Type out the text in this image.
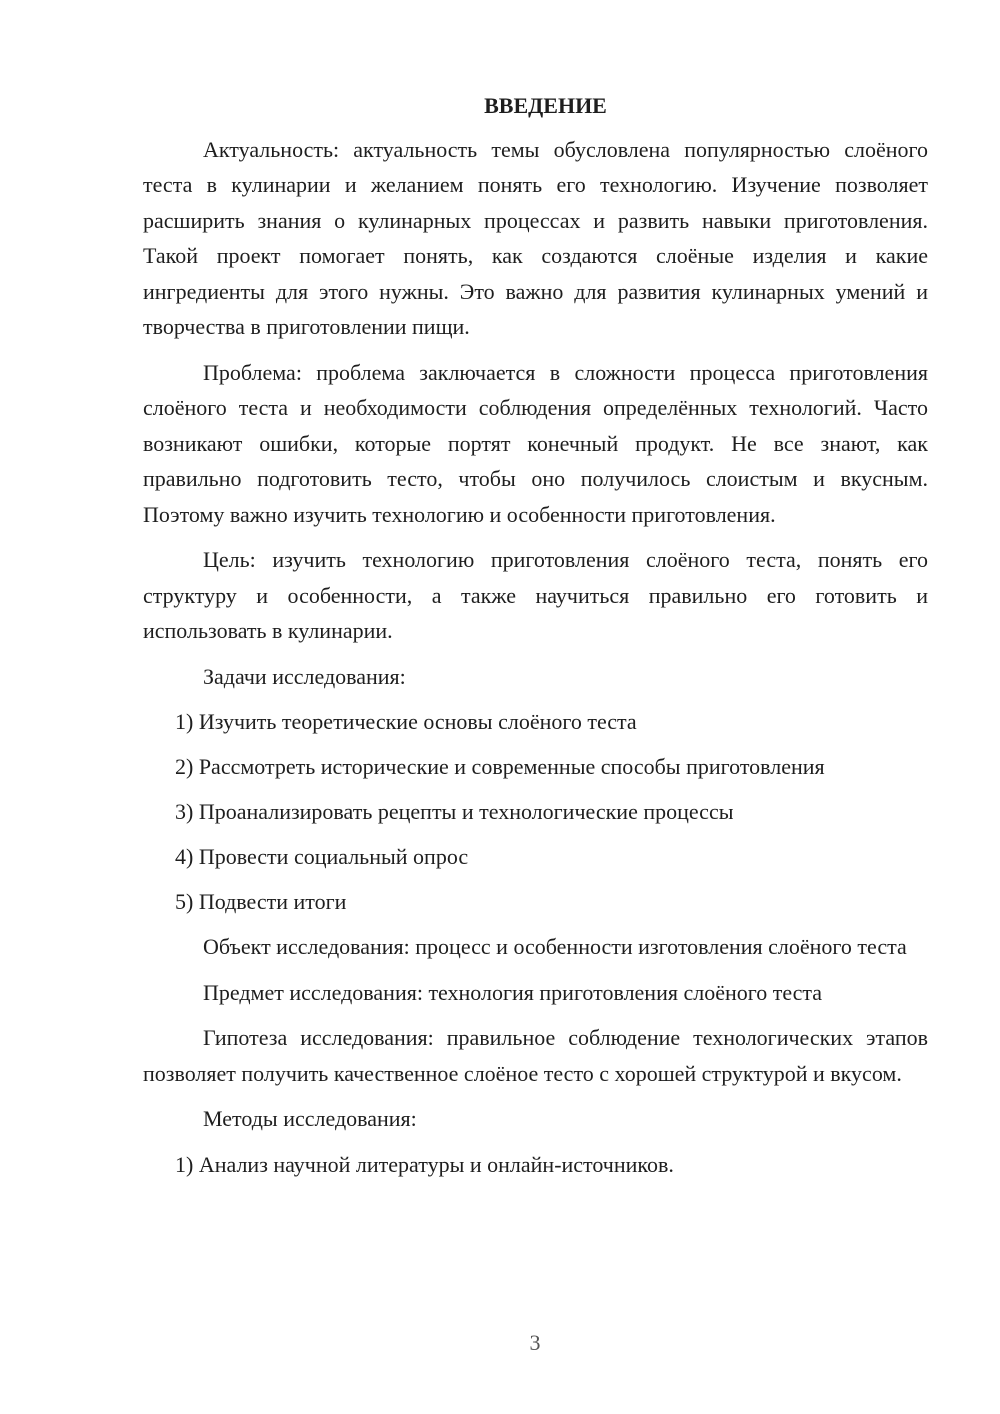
ВВЕДЕНИЕ

Актуальность: актуальность темы обусловлена популярностью слоёного теста в кулинарии и желанием понять его технологию. Изучение позволяет расширить знания о кулинарных процессах и развить навыки приготовления. Такой проект помогает понять, как создаются слоёные изделия и какие ингредиенты для этого нужны. Это важно для развития кулинарных умений и творчества в приготовлении пищи.

Проблема: проблема заключается в сложности процесса приготовления слоёного теста и необходимости соблюдения определённых технологий. Часто возникают ошибки, которые портят конечный продукт. Не все знают, как правильно подготовить тесто, чтобы оно получилось слоистым и вкусным. Поэтому важно изучить технологию и особенности приготовления.

Цель: изучить технологию приготовления слоёного теста, понять его структуру и особенности, а также научиться правильно его готовить и использовать в кулинарии.

Задачи исследования:

1) Изучить теоретические основы слоёного теста
2) Рассмотреть исторические и современные способы приготовления
3) Проанализировать рецепты и технологические процессы
4) Провести социальный опрос
5) Подвести итоги

Объект исследования: процесс и особенности изготовления слоёного теста

Предмет исследования: технология приготовления слоёного теста

Гипотеза исследования: правильное соблюдение технологических этапов позволяет получить качественное слоёное тесто с хорошей структурой и вкусом.

Методы исследования:

1) Анализ научной литературы и онлайн-источников.
3
